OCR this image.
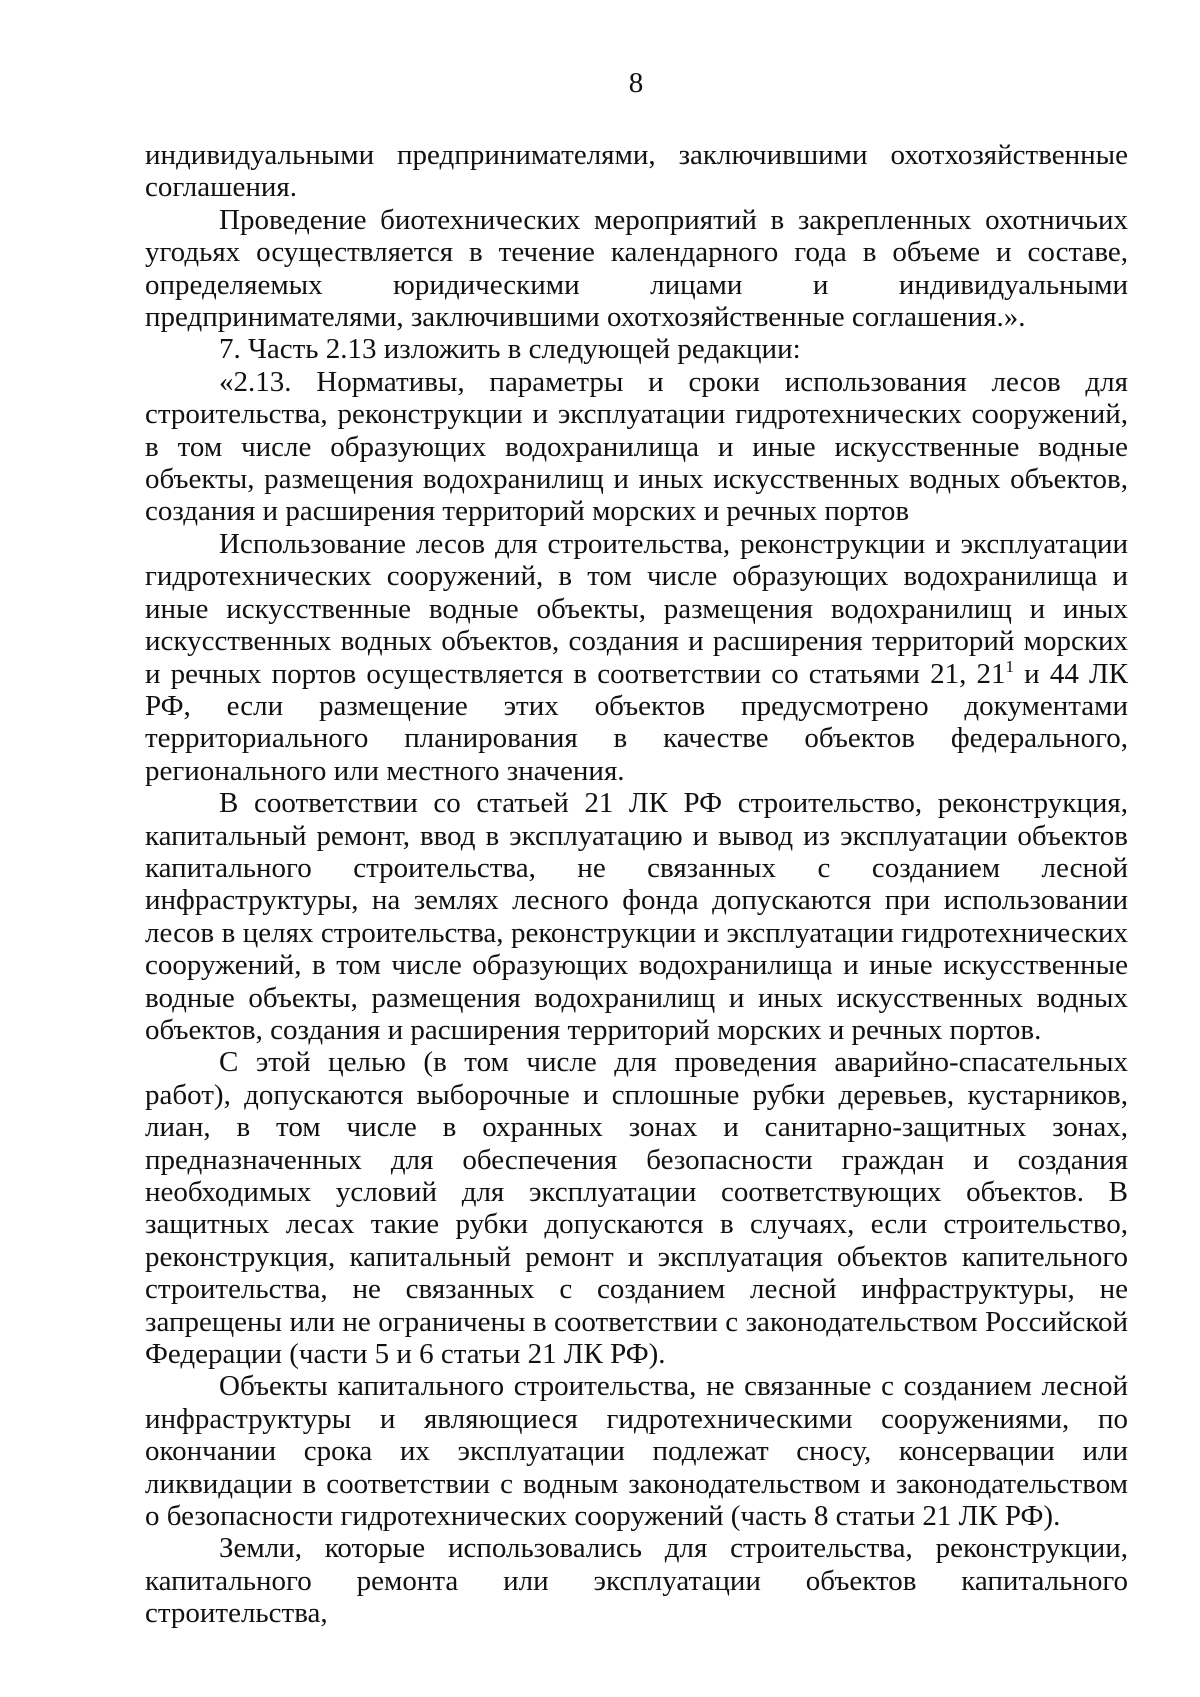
8

индивидуальными предпринимателями, заключившими охотхозяйственные соглашения.

Проведение биотехнических мероприятий в закрепленных охотничьих угодьях осуществляется в течение календарного года в объеме и составе, определяемых юридическими лицами и индивидуальными предпринимателями, заключившими охотхозяйственные соглашения.».

7. Часть 2.13 изложить в следующей редакции:

«2.13. Нормативы, параметры и сроки использования лесов для строительства, реконструкции и эксплуатации гидротехнических сооружений, в том числе образующих водохранилища и иные искусственные водные объекты, размещения водохранилищ и иных искусственных водных объектов, создания и расширения территорий морских и речных портов

Использование лесов для строительства, реконструкции и эксплуатации гидротехнических сооружений, в том числе образующих водохранилища и иные искусственные водные объекты, размещения водохранилищ и иных искусственных водных объектов, создания и расширения территорий морских и речных портов осуществляется в соответствии со статьями 21, $21^1$ и 44 ЛК РФ, если размещение этих объектов предусмотрено документами территориального планирования в качестве объектов федерального, регионального или местного значения.

В соответствии со статьей 21 ЛК РФ строительство, реконструкция, капитальный ремонт, ввод в эксплуатацию и вывод из эксплуатации объектов капитального строительства, не связанных с созданием лесной инфраструктуры, на землях лесного фонда допускаются при использовании лесов в целях строительства, реконструкции и эксплуатации гидротехнических сооружений, в том числе образующих водохранилища и иные искусственные водные объекты, размещения водохранилищ и иных искусственных водных объектов, создания и расширения территорий морских и речных портов.

С этой целью (в том числе для проведения аварийно-спасательных работ), допускаются выборочные и сплошные рубки деревьев, кустарников, лиан, в том числе в охранных зонах и санитарно-защитных зонах, предназначенных для обеспечения безопасности граждан и создания необходимых условий для эксплуатации соответствующих объектов. В защитных лесах такие рубки допускаются в случаях, если строительство, реконструкция, капитальный ремонт и эксплуатация объектов капительного строительства, не связанных с созданием лесной инфраструктуры, не запрещены или не ограничены в соответствии с законодательством Российской Федерации (части 5 и 6 статьи 21 ЛК РФ).

Объекты капитального строительства, не связанные с созданием лесной инфраструктуры и являющиеся гидротехническими сооружениями, по окончании срока их эксплуатации подлежат сносу, консервации или ликвидации в соответствии с водным законодательством и законодательством о безопасности гидротехнических сооружений (часть 8 статьи 21 ЛК РФ).

Земли, которые использовались для строительства, реконструкции, капитального ремонта или эксплуатации объектов капитального строительства,
